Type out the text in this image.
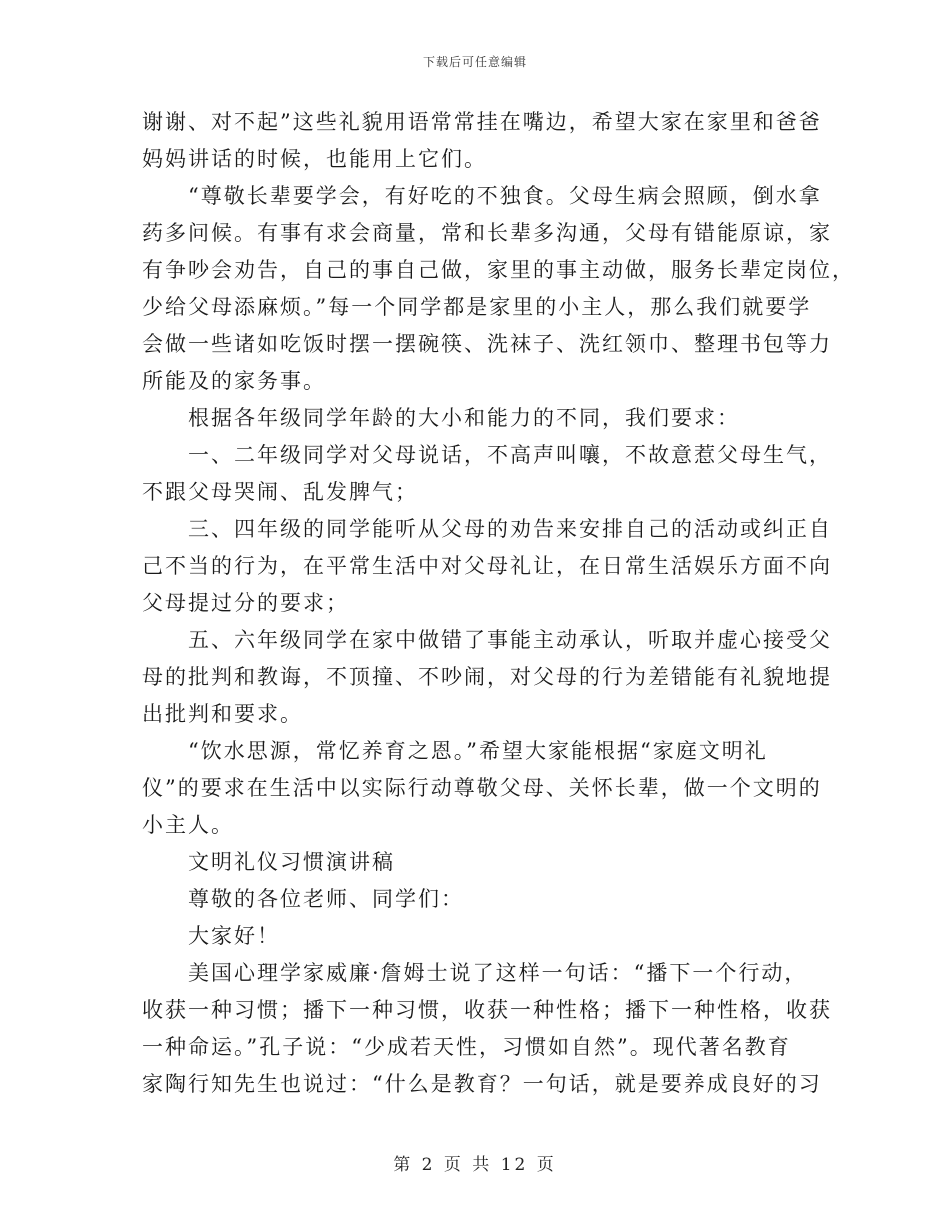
下载后可任意编辑
谢谢、对不起”这些礼貌用语常常挂在嘴边，希望大家在家里和爸爸
妈妈讲话的时候，也能用上它们。
“尊敬长辈要学会，有好吃的不独食。父母生病会照顾，倒水拿
药多问候。有事有求会商量，常和长辈多沟通，父母有错能原谅，家
有争吵会劝告，自己的事自己做，家里的事主动做，服务长辈定岗位，
少给父母添麻烦。”每一个同学都是家里的小主人，那么我们就要学
会做一些诸如吃饭时摆一摆碗筷、洗袜子、洗红领巾、整理书包等力
所能及的家务事。
根据各年级同学年龄的大小和能力的不同，我们要求：
一、二年级同学对父母说话，不高声叫嚷，不故意惹父母生气，
不跟父母哭闹、乱发脾气；
三、四年级的同学能听从父母的劝告来安排自己的活动或纠正自
己不当的行为，在平常生活中对父母礼让，在日常生活娱乐方面不向
父母提过分的要求；
五、六年级同学在家中做错了事能主动承认，听取并虚心接受父
母的批判和教诲，不顶撞、不吵闹，对父母的行为差错能有礼貌地提
出批判和要求。
“饮水思源，常忆养育之恩。”希望大家能根据“家庭文明礼
仪”的要求在生活中以实际行动尊敬父母、关怀长辈，做一个文明的
小主人。
文明礼仪习惯演讲稿
尊敬的各位老师、同学们：
大家好！
美国心理学家威廉·詹姆士说了这样一句话：“播下一个行动，
收获一种习惯；播下一种习惯，收获一种性格；播下一种性格，收获
一种命运。”孔子说：“少成若天性，习惯如自然”。现代著名教育
家陶行知先生也说过：“什么是教育？一句话，就是要养成良好的习
第 2 页 共 12 页
